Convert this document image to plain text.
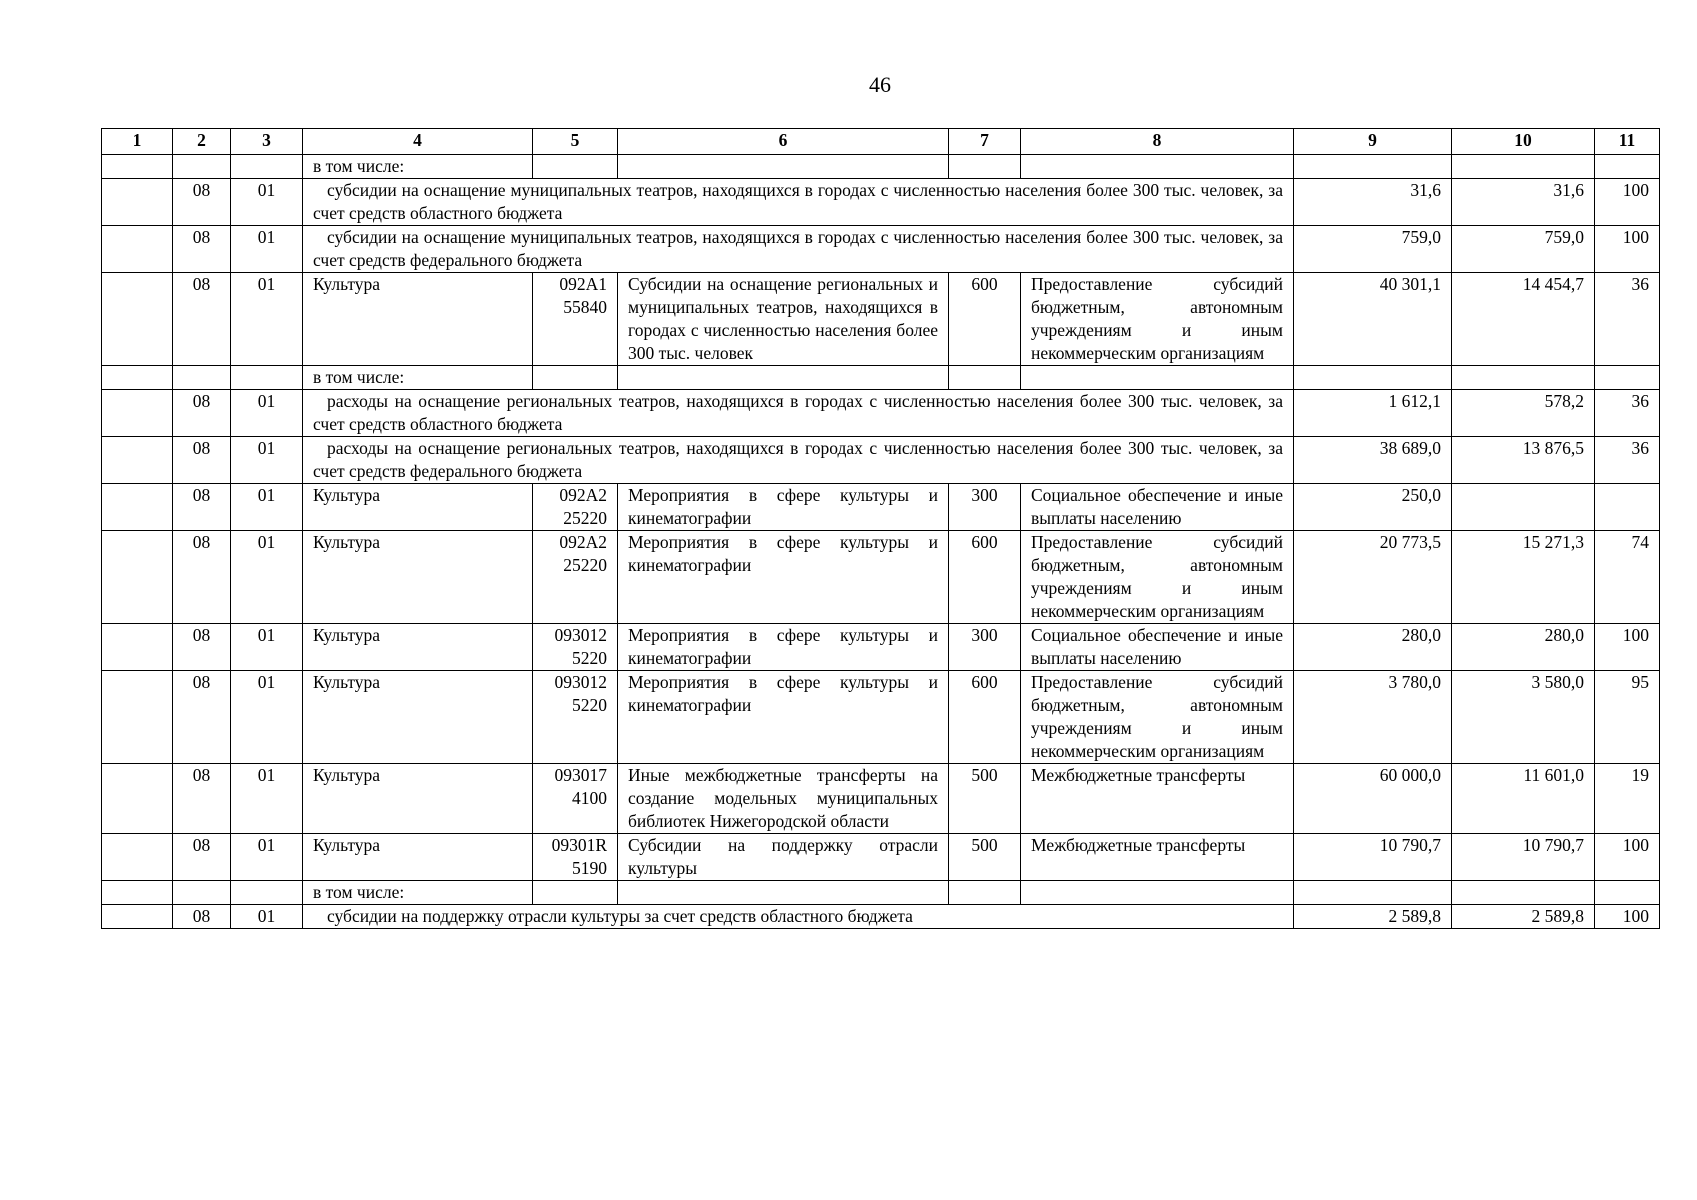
46
1	2	3	4	5	6	7	8	9	10	11
			в том числе:							
	08	01	субсидии на оснащение муниципальных театров, находящихся в городах с численностью населения более 300 тыс. человек, за счет средств областного бюджета					31,6	31,6	100
	08	01	субсидии на оснащение муниципальных театров, находящихся в городах с численностью населения более 300 тыс. человек, за счет средств федерального бюджета					759,0	759,0	100
	08	01	Культура	092A1 55840	Субсидии на оснащение региональных и муниципальных театров, находящихся в городах с численностью населения более 300 тыс. человек	600	Предоставление субсидий бюджетным, автономным учреждениям и иным некоммерческим организациям	40 301,1	14 454,7	36
			в том числе:							
	08	01	расходы на оснащение региональных театров, находящихся в городах с численностью населения более 300 тыс. человек, за счет средств областного бюджета					1 612,1	578,2	36
	08	01	расходы на оснащение региональных театров, находящихся в городах с численностью населения более 300 тыс. человек, за счет средств федерального бюджета					38 689,0	13 876,5	36
	08	01	Культура	092A2 25220	Мероприятия в сфере культуры и кинематографии	300	Социальное обеспечение и иные выплаты населению	250,0		
	08	01	Культура	092A2 25220	Мероприятия в сфере культуры и кинематографии	600	Предоставление субсидий бюджетным, автономным учреждениям и иным некоммерческим организациям	20 773,5	15 271,3	74
	08	01	Культура	093012 5220	Мероприятия в сфере культуры и кинематографии	300	Социальное обеспечение и иные выплаты населению	280,0	280,0	100
	08	01	Культура	093012 5220	Мероприятия в сфере культуры и кинематографии	600	Предоставление субсидий бюджетным, автономным учреждениям и иным некоммерческим организациям	3 780,0	3 580,0	95
	08	01	Культура	093017 4100	Иные межбюджетные трансферты на создание модельных муниципальных библиотек Нижегородской области	500	Межбюджетные трансферты	60 000,0	11 601,0	19
	08	01	Культура	09301R 5190	Субсидии на поддержку отрасли культуры	500	Межбюджетные трансферты	10 790,7	10 790,7	100
			в том числе:							
	08	01	субсидии на поддержку отрасли культуры за счет средств областного бюджета					2 589,8	2 589,8	100
